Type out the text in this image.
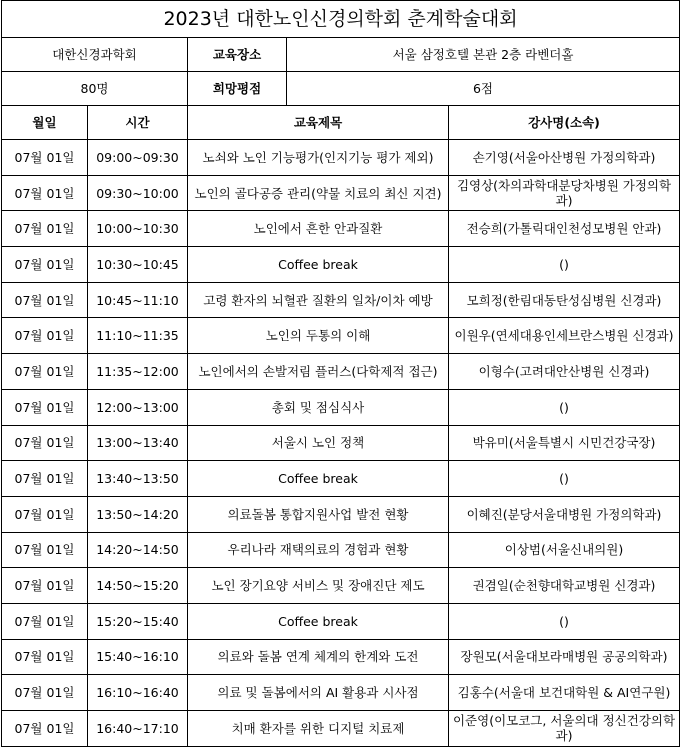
2023년 대한노인신경의학회 춘계학술대회				
대한신경과학회		교육장소	서울 삼정호텔 본관 2층 라벤더홀	
80명		희망평점	6점	
월일	시간	교육제목		강사명(소속)
07월 01일	09:00~09:30	노쇠와 노인 기능평가(인지기능 평가 제외)		손기영(서울아산병원 가정의학과)
07월 01일	09:30~10:00	노인의 골다공증 관리(약물 치료의 최신 지견)		김영상(차의과학대분당차병원 가정의학과)
07월 01일	10:00~10:30	노인에서 흔한 안과질환		전승희(가톨릭대인천성모병원 안과)
07월 01일	10:30~10:45	Coffee break		()
07월 01일	10:45~11:10	고령 환자의 뇌혈관 질환의 일차/이차 예방		모희정(한림대동탄성심병원 신경과)
07월 01일	11:10~11:35	노인의 두통의 이해		이원우(연세대용인세브란스병원 신경과)
07월 01일	11:35~12:00	노인에서의 손발저림 플러스(다학제적 접근)		이형수(고려대안산병원 신경과)
07월 01일	12:00~13:00	총회 및 점심식사		()
07월 01일	13:00~13:40	서울시 노인 정책		박유미(서울특별시 시민건강국장)
07월 01일	13:40~13:50	Coffee break		()
07월 01일	13:50~14:20	의료돌봄 통합지원사업 발전 현황		이혜진(분당서울대병원 가정의학과)
07월 01일	14:20~14:50	우리나라 재택의료의 경험과 현황		이상범(서울신내의원)
07월 01일	14:50~15:20	노인 장기요양 서비스 및 장애진단 제도		권겸일(순천향대학교병원 신경과)
07월 01일	15:20~15:40	Coffee break		()
07월 01일	15:40~16:10	의료와 돌봄 연계 체계의 한계와 도전		장원모(서울대보라매병원 공공의학과)
07월 01일	16:10~16:40	의료 및 돌봄에서의 AI 활용과 시사점		김홍수(서울대 보건대학원 & AI연구원)
07월 01일	16:40~17:10	치매 환자를 위한 디지털 치료제		이준영(이모코그, 서울의대 정신건강의학과)
